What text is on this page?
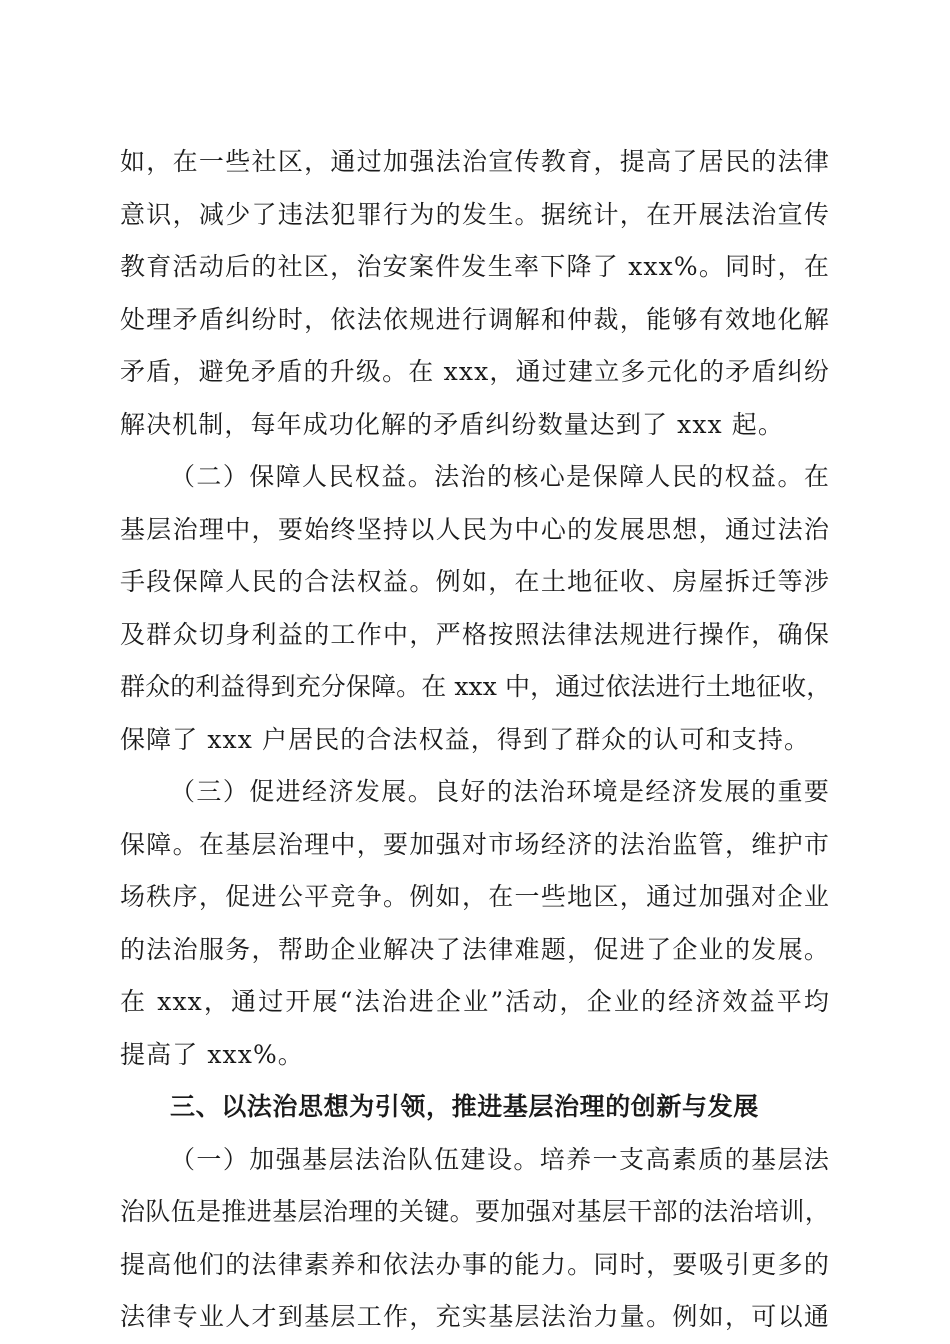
如，在一些社区，通过加强法治宣传教育，提高了居民的法律
意识，减少了违法犯罪行为的发生。据统计，在开展法治宣传
教育活动后的社区，治安案件发生率下降了 xxx%。同时，在
处理矛盾纠纷时，依法依规进行调解和仲裁，能够有效地化解
矛盾，避免矛盾的升级。在 xxx，通过建立多元化的矛盾纠纷
解决机制，每年成功化解的矛盾纠纷数量达到了 xxx 起。
（二）保障人民权益。法治的核心是保障人民的权益。在
基层治理中，要始终坚持以人民为中心的发展思想，通过法治
手段保障人民的合法权益。例如，在土地征收、房屋拆迁等涉
及群众切身利益的工作中，严格按照法律法规进行操作，确保
群众的利益得到充分保障。在 xxx 中，通过依法进行土地征收，
保障了 xxx 户居民的合法权益，得到了群众的认可和支持。
（三）促进经济发展。良好的法治环境是经济发展的重要
保障。在基层治理中，要加强对市场经济的法治监管，维护市
场秩序，促进公平竞争。例如，在一些地区，通过加强对企业
的法治服务，帮助企业解决了法律难题，促进了企业的发展。
在 xxx，通过开展“法治进企业”活动，企业的经济效益平均
提高了 xxx%。
三、以法治思想为引领，推进基层治理的创新与发展
（一）加强基层法治队伍建设。培养一支高素质的基层法
治队伍是推进基层治理的关键。要加强对基层干部的法治培训，
提高他们的法律素养和依法办事的能力。同时，要吸引更多的
法律专业人才到基层工作，充实基层法治力量。例如，可以通
